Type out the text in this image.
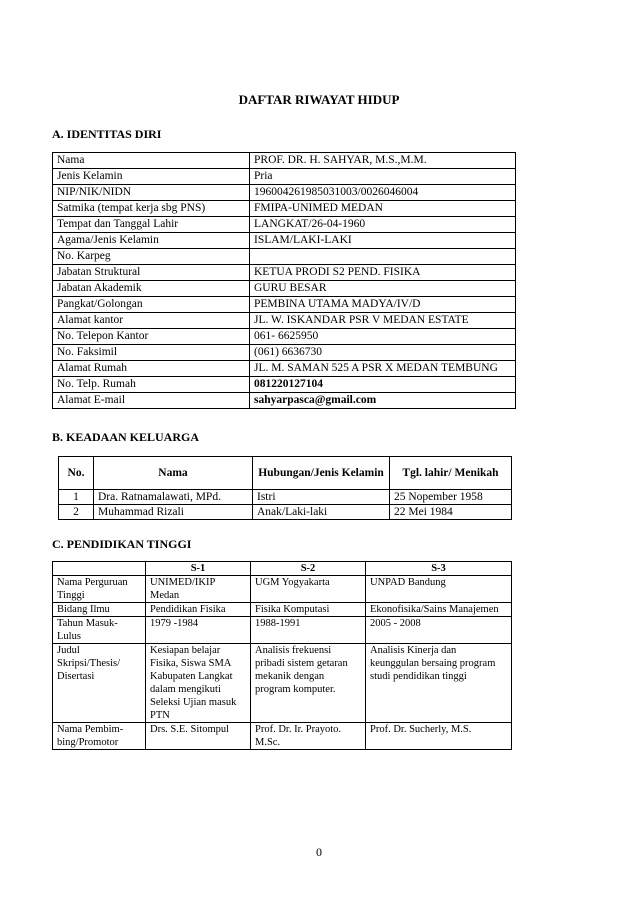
DAFTAR RIWAYAT HIDUP
A. IDENTITAS DIRI
Nama	PROF. DR. H. SAHYAR, M.S.,M.M.
Jenis Kelamin	Pria
NIP/NIK/NIDN	196004261985031003/0026046004
Satmika (tempat kerja sbg PNS)	FMIPA-UNIMED MEDAN
Tempat dan Tanggal Lahir	LANGKAT/26-04-1960
Agama/Jenis Kelamin	ISLAM/LAKI-LAKI
No. Karpeg	
Jabatan Struktural	KETUA PRODI S2 PEND. FISIKA
Jabatan Akademik	GURU BESAR
Pangkat/Golongan	PEMBINA UTAMA MADYA/IV/D
Alamat kantor	JL. W. ISKANDAR PSR V MEDAN ESTATE
No. Telepon Kantor	061- 6625950
No. Faksimil	(061) 6636730
Alamat Rumah	JL. M. SAMAN 525 A PSR X MEDAN TEMBUNG
No. Telp. Rumah	081220127104
Alamat E-mail	sahyarpasca@gmail.com
B. KEADAAN KELUARGA
No.	Nama	Hubungan/Jenis Kelamin	Tgl. lahir/ Menikah
1	Dra. Ratnamalawati, MPd.	Istri	25 Nopember 1958
2	Muhammad Rizali	Anak/Laki-laki	22 Mei 1984
C. PENDIDIKAN TINGGI
	S-1	S-2	S-3
Nama Perguruan Tinggi	UNIMED/IKIP Medan	UGM Yogyakarta	UNPAD Bandung
Bidang Ilmu	Pendidikan Fisika	Fisika Komputasi	Ekonofisika/Sains Manajemen
Tahun Masuk-Lulus	1979 -1984	1988-1991	2005 - 2008
Judul Skripsi/Thesis/ Disertasi	Kesiapan belajar Fisika, Siswa SMA Kabupaten Langkat dalam mengikuti Seleksi Ujian masuk PTN	Analisis frekuensi pribadi sistem getaran mekanik dengan program komputer.	Analisis Kinerja dan keunggulan bersaing program studi pendidikan tinggi
Nama Pembim-bing/Promotor	Drs. S.E. Sitompul	Prof. Dr. Ir. Prayoto. M.Sc.	Prof. Dr. Sucherly, M.S.
0
